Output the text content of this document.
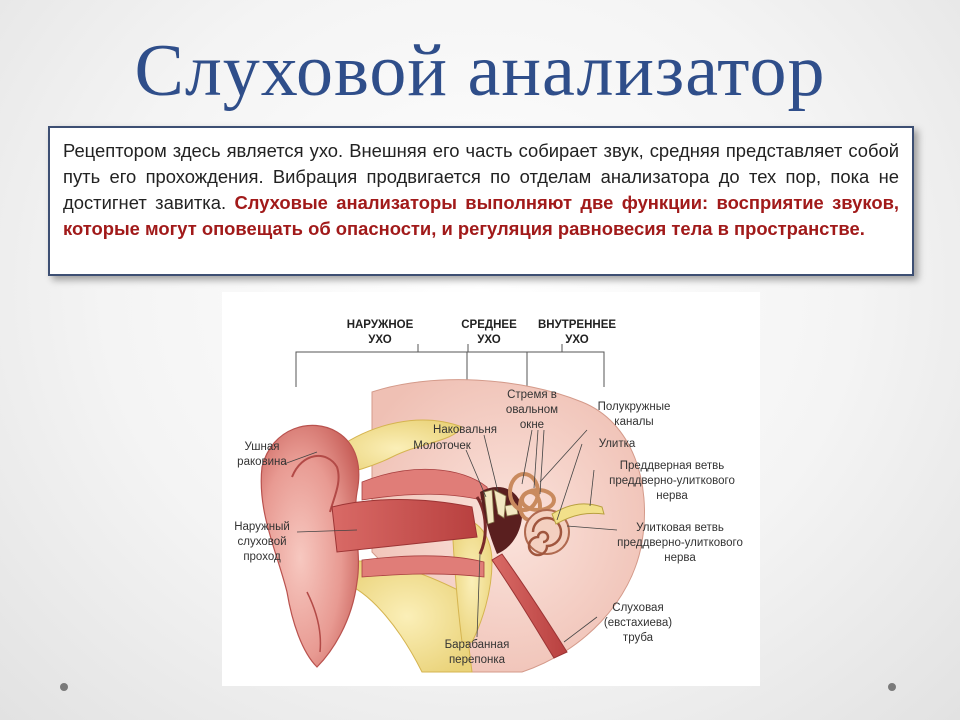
Слуховой анализатор
Рецептором здесь является ухо. Внешняя его часть собирает звук, средняя представляет собой путь его прохождения. Вибрация продвигается по отделам анализатора до тех пор, пока не достигнет завитка. Слуховые анализаторы выполняют две функции: восприятие звуков, которые могут оповещать об опасности, и регуляция равновесия тела в пространстве.
НАРУЖНОЕ
УХО
СРЕДНЕЕ
УХО
ВНУТРЕННЕЕ
УХО
Ушная
раковина
Наружный
слуховой
проход
Наковальня
Молоточек
Стремя в
овальном
окне
Полукружные
каналы
Улитка
Преддверная ветвь
преддверно-улиткового
нерва
Улитковая ветвь
преддверно-улиткового
нерва
Слуховая
(евстахиева)
труба
Барабанная
перепонка
